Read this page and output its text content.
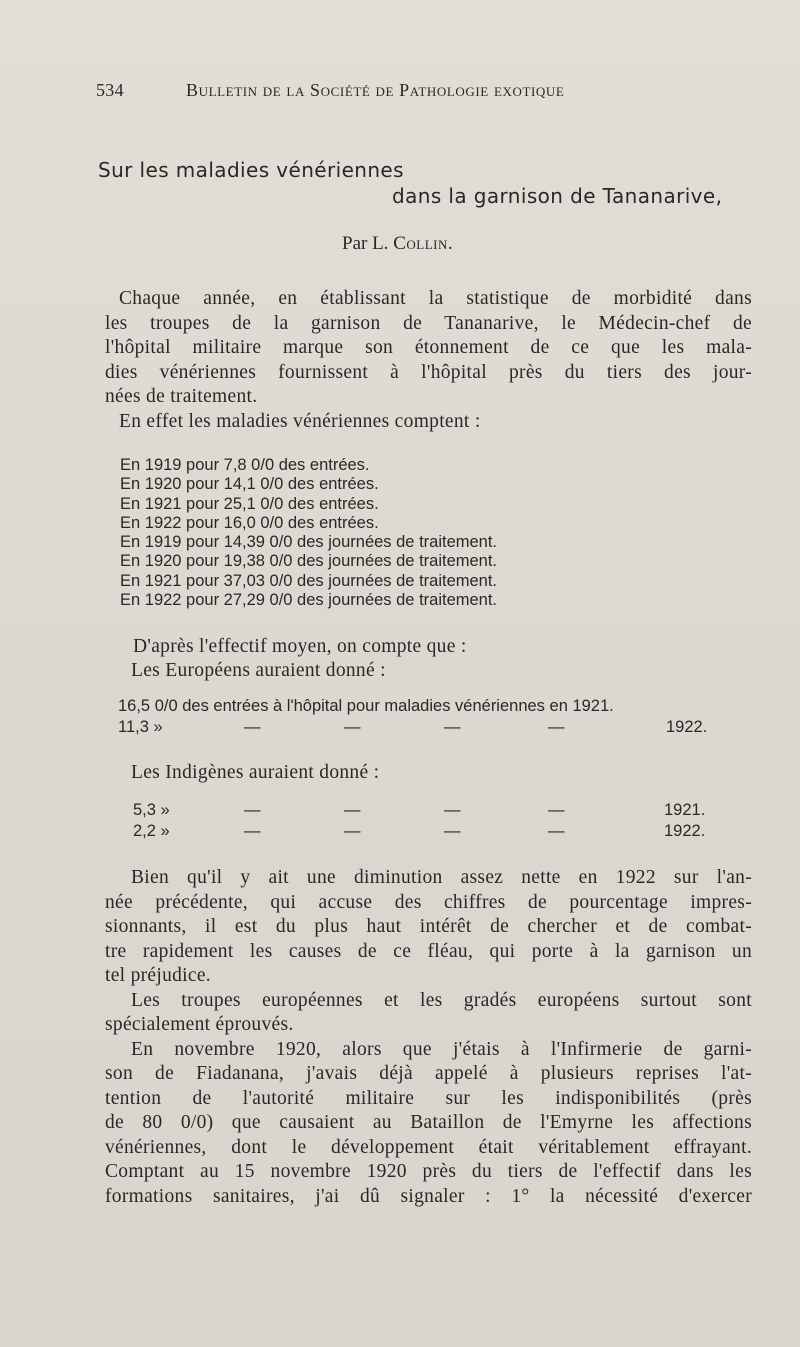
534	Bulletin de la Société de Pathologie exotique
Sur les maladies vénériennes
dans la garnison de Tananarive,
Par L. Collin.
Chaque année, en établissant la statistique de morbidité dans
les troupes de la garnison de Tananarive, le Médecin-chef de
l'hôpital militaire marque son étonnement de ce que les mala-
dies vénériennes fournissent à l'hôpital près du tiers des jour-
nées de traitement.
En effet les maladies vénériennes comptent :
En 1919 pour 7,8 0/0 des entrées.
En 1920 pour 14,1 0/0 des entrées.
En 1921 pour 25,1 0/0 des entrées.
En 1922 pour 16,0 0/0 des entrées.
En 1919 pour 14,39 0/0 des journées de traitement.
En 1920 pour 19,38 0/0 des journées de traitement.
En 1921 pour 37,03 0/0 des journées de traitement.
En 1922 pour 27,29 0/0 des journées de traitement.
D'après l'effectif moyen, on compte que :
Les Européens auraient donné :
16,5 0/0 des entrées à l'hôpital pour maladies vénériennes en 1921.
11,3 »	—	—	—	—	1922.
Les Indigènes auraient donné :
5,3 »	—	—	—	—	1921.
2,2 »	—	—	—	—	1922.
Bien qu'il y ait une diminution assez nette en 1922 sur l'an-
née précédente, qui accuse des chiffres de pourcentage impres-
sionnants, il est du plus haut intérêt de chercher et de combat-
tre rapidement les causes de ce fléau, qui porte à la garnison un
tel préjudice.
Les troupes européennes et les gradés européens surtout sont
spécialement éprouvés.
En novembre 1920, alors que j'étais à l'Infirmerie de garni-
son de Fiadanana, j'avais déjà appelé à plusieurs reprises l'at-
tention de l'autorité militaire sur les indisponibilités (près
de 80 0/0) que causaient au Bataillon de l'Emyrne les affections
vénériennes, dont le développement était véritablement effrayant.
Comptant au 15 novembre 1920 près du tiers de l'effectif dans les
formations sanitaires, j'ai dû signaler : 1° la nécessité d'exercer
